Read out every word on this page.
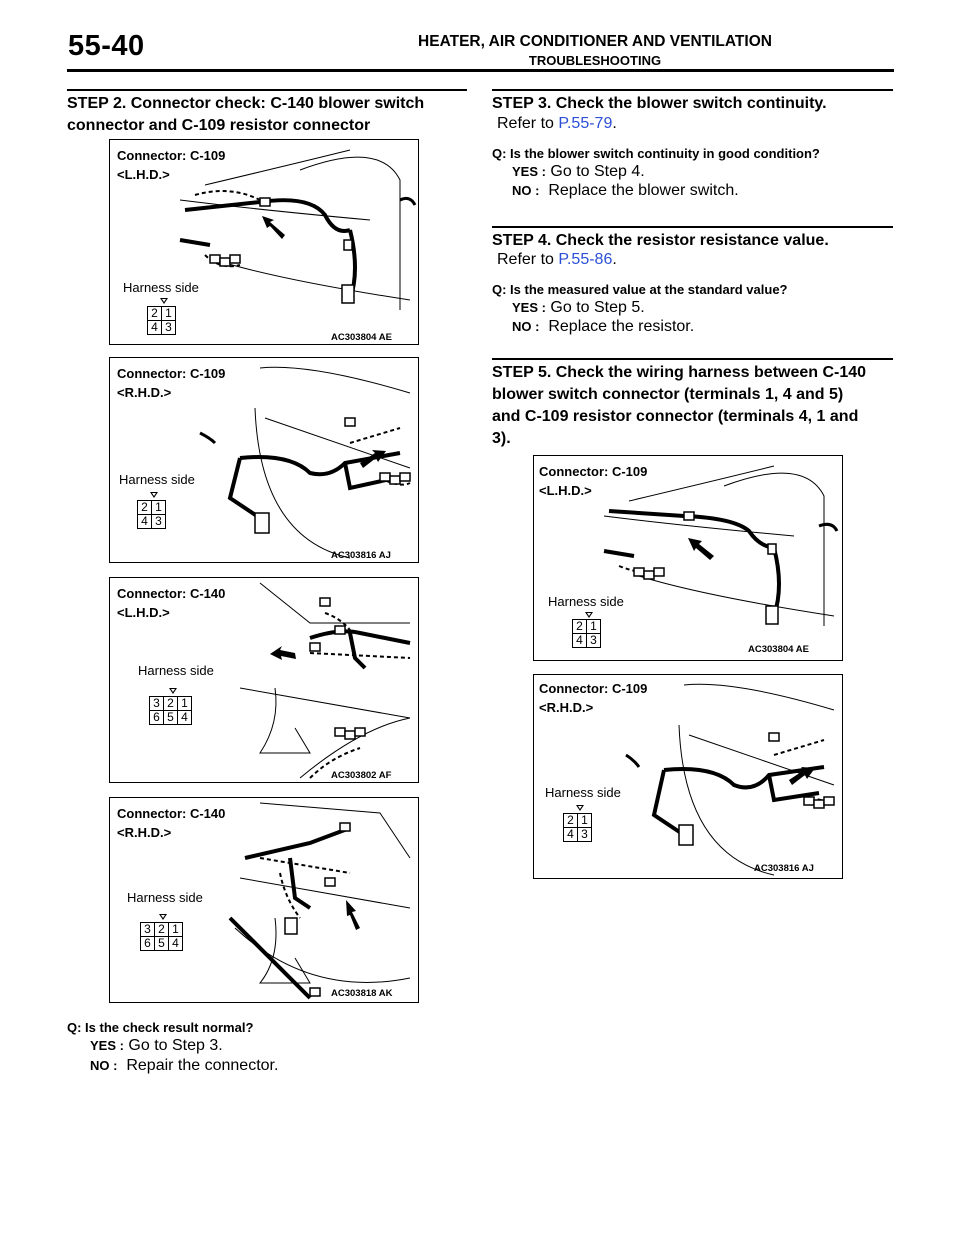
55-40	HEATER, AIR CONDITIONER AND VENTILATION
TROUBLESHOOTING
STEP 2. Connector check: C-140 blower switch
connector and C-109 resistor connector
Connector: C-109
<L.H.D.>
Harness side
2	1
4	3
AC303804 AE
Connector: C-109
<R.H.D.>
Harness side
2	1
4	3
AC303816 AJ
Connector: C-140
<L.H.D.>
Harness side
3	2	1
6	5	4
AC303802 AF
Connector: C-140
<R.H.D.>
Harness side
3	2	1
6	5	4
AC303818 AK
Q: Is the check result normal?
YES : Go to Step 3.
NO : Repair the connector.
STEP 3. Check the blower switch continuity.
Refer to P.55-79.
Q: Is the blower switch continuity in good condition?
YES : Go to Step 4.
NO : Replace the blower switch.
STEP 4. Check the resistor resistance value.
Refer to P.55-86.
Q: Is the measured value at the standard value?
YES : Go to Step 5.
NO : Replace the resistor.
STEP 5. Check the wiring harness between C-140
blower switch connector (terminals 1, 4 and 5)
and C-109 resistor connector (terminals 4, 1 and
3).
Connector: C-109
<L.H.D.>
Harness side
2	1
4	3
AC303804 AE
Connector: C-109
<R.H.D.>
Harness side
2	1
4	3
AC303816 AJ
